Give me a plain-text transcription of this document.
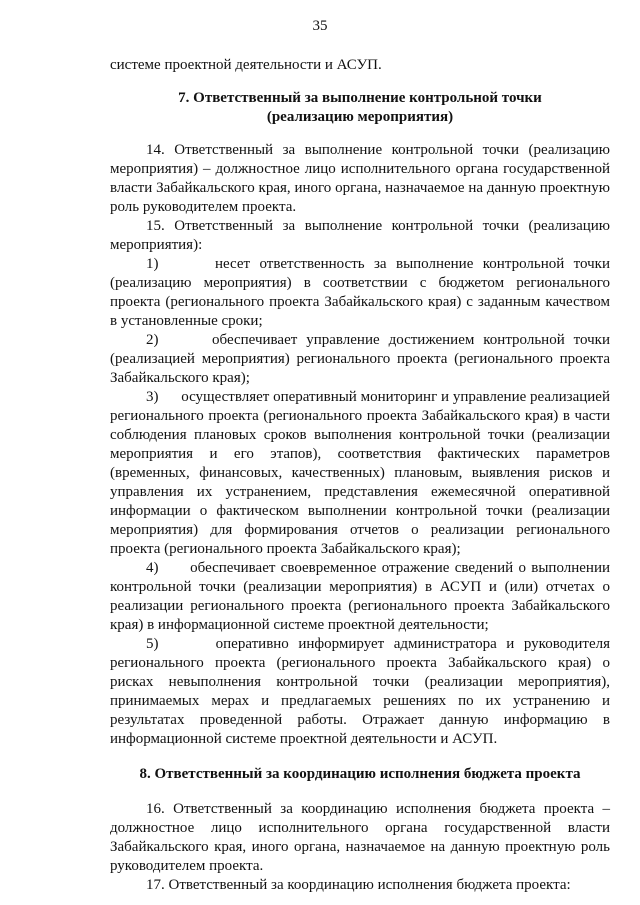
35

системе проектной деятельности и АСУП.

7. Ответственный за выполнение контрольной точки

(реализацию мероприятия)

14. Ответственный за выполнение контрольной точки (реализацию мероприятия) – должностное лицо исполнительного органа государственной власти Забайкальского края, иного органа, назначаемое на данную проектную роль руководителем проекта.

15. Ответственный за выполнение контрольной точки (реализацию мероприятия):

1)      несет ответственность за выполнение контрольной точки (реализацию мероприятия) в соответствии с бюджетом регионального проекта (регионального проекта Забайкальского края) с заданным качеством в установленные сроки;

2)      обеспечивает управление достижением контрольной точки (реализацией мероприятия) регионального проекта (регионального проекта Забайкальского края);

3)      осуществляет оперативный мониторинг и управление реализацией регионального проекта (регионального проекта Забайкальского края) в части соблюдения плановых сроков выполнения контрольной точки (реализации мероприятия и его этапов), соответствия фактических параметров (временных, финансовых, качественных) плановым, выявления рисков и управления их устранением, представления ежемесячной оперативной информации о фактическом выполнении контрольной точки (реализации мероприятия) для формирования отчетов о реализации регионального проекта (регионального проекта Забайкальского края);

4)      обеспечивает своевременное отражение сведений о выполнении контрольной точки (реализации мероприятия) в АСУП и (или) отчетах о реализации регионального проекта (регионального проекта Забайкальского края) в информационной системе проектной деятельности;

5)      оперативно информирует администратора и руководителя регионального проекта (регионального проекта Забайкальского края) о рисках невыполнения контрольной точки (реализации мероприятия), принимаемых мерах и предлагаемых решениях по их устранению и результатах проведенной работы. Отражает данную информацию в информационной системе проектной деятельности и АСУП.

8. Ответственный за координацию исполнения бюджета проекта

16. Ответственный за координацию исполнения бюджета проекта – должностное лицо исполнительного органа государственной власти Забайкальского края, иного органа, назначаемое на данную проектную роль руководителем проекта.

17. Ответственный за координацию исполнения бюджета проекта:
